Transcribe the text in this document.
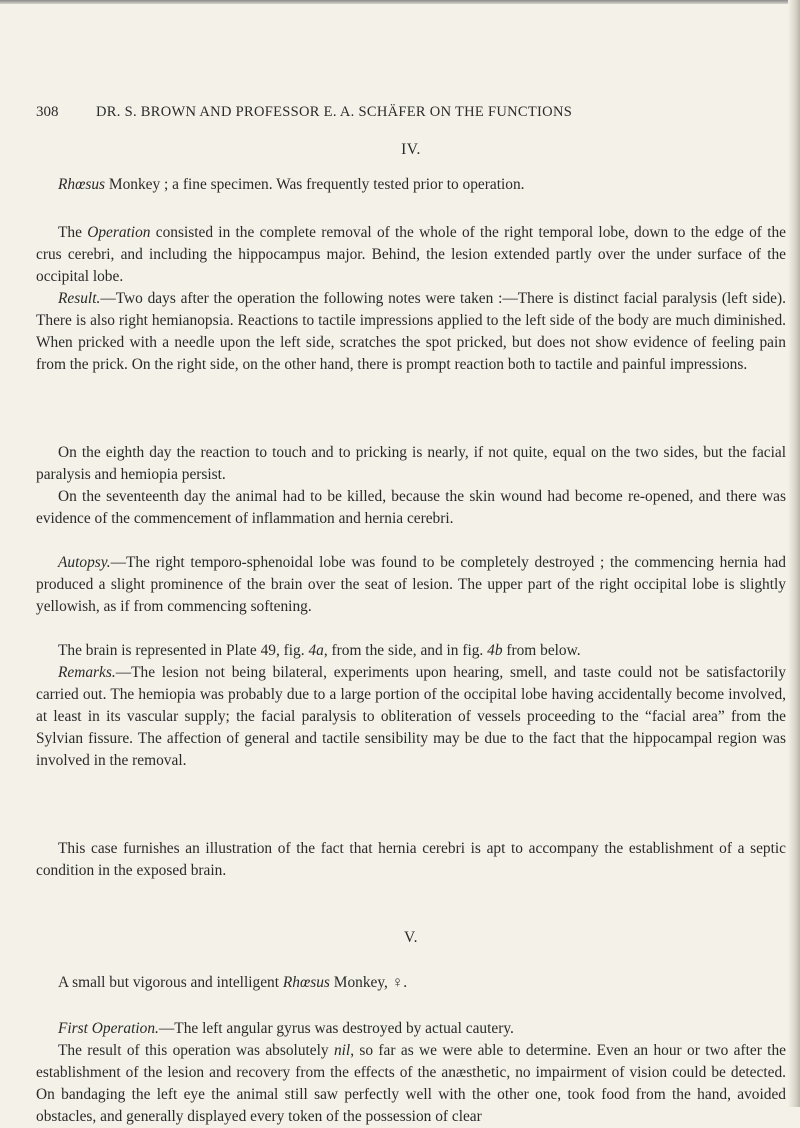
308	DR. S. BROWN AND PROFESSOR E. A. SCHÄFER ON THE FUNCTIONS
IV.

Rhœsus Monkey ; a fine specimen. Was frequently tested prior to operation.

The Operation consisted in the complete removal of the whole of the right temporal lobe, down to the edge of the crus cerebri, and including the hippocampus major. Behind, the lesion extended partly over the under surface of the occipital lobe.

Result.—Two days after the operation the following notes were taken :—There is distinct facial paralysis (left side). There is also right hemianopsia. Reactions to tactile impressions applied to the left side of the body are much diminished. When pricked with a needle upon the left side, scratches the spot pricked, but does not show evidence of feeling pain from the prick. On the right side, on the other hand, there is prompt reaction both to tactile and painful impressions.

On the eighth day the reaction to touch and to pricking is nearly, if not quite, equal on the two sides, but the facial paralysis and hemiopia persist.

On the seventeenth day the animal had to be killed, because the skin wound had become re-opened, and there was evidence of the commencement of inflammation and hernia cerebri.

Autopsy.—The right temporo-sphenoidal lobe was found to be completely destroyed ; the commencing hernia had produced a slight prominence of the brain over the seat of lesion. The upper part of the right occipital lobe is slightly yellowish, as if from commencing softening.

The brain is represented in Plate 49, fig. 4a, from the side, and in fig. 4b from below.

Remarks.—The lesion not being bilateral, experiments upon hearing, smell, and taste could not be satisfactorily carried out. The hemiopia was probably due to a large portion of the occipital lobe having accidentally become involved, at least in its vascular supply; the facial paralysis to obliteration of vessels proceeding to the “facial area” from the Sylvian fissure. The affection of general and tactile sensibility may be due to the fact that the hippocampal region was involved in the removal.

This case furnishes an illustration of the fact that hernia cerebri is apt to accompany the establishment of a septic condition in the exposed brain.

V.

A small but vigorous and intelligent Rhœsus Monkey, ♀.

First Operation.—The left angular gyrus was destroyed by actual cautery.

The result of this operation was absolutely nil, so far as we were able to determine. Even an hour or two after the establishment of the lesion and recovery from the effects of the anæsthetic, no impairment of vision could be detected. On bandaging the left eye the animal still saw perfectly well with the other one, took food from the hand, avoided obstacles, and generally displayed every token of the possession of clear
